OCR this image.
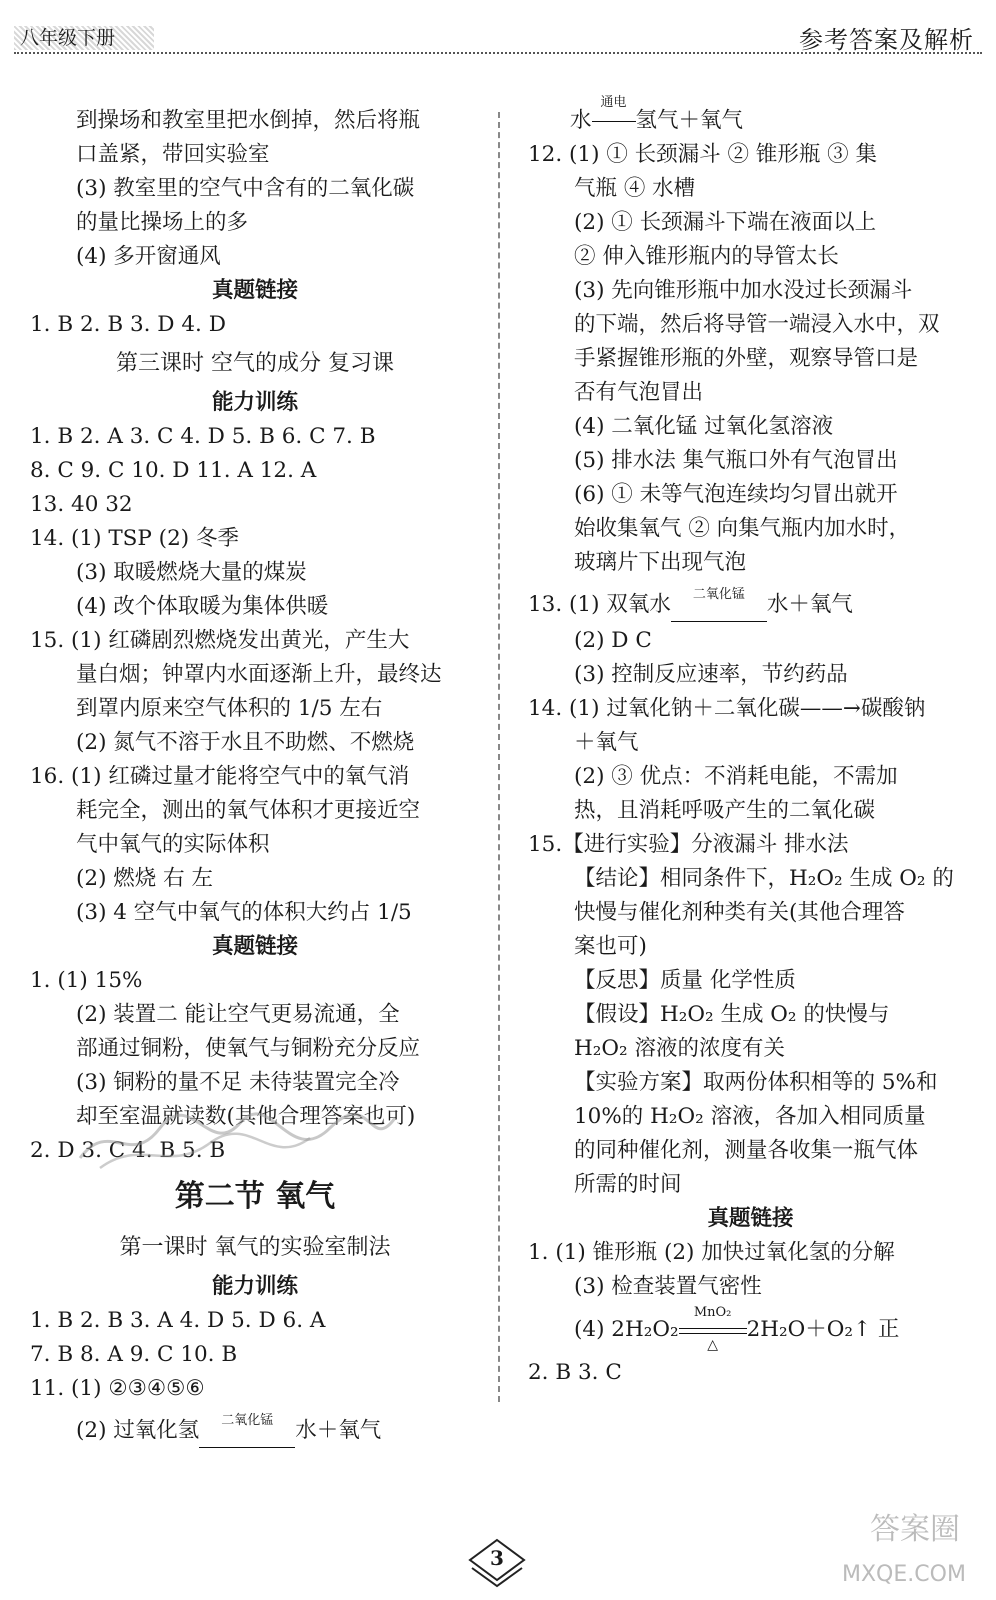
八年级下册	参考答案及解析
到操场和教室里把水倒掉，然后将瓶
口盖紧，带回实验室
(3) 教室里的空气中含有的二氧化碳
的量比操场上的多
(4) 多开窗通风
真题链接
1. B 2. B 3. D 4. D
第三课时 空气的成分 复习课
能力训练
1. B 2. A 3. C 4. D 5. B 6. C 7. B
8. C 9. C 10. D 11. A 12. A
13. 40 32
14. (1) TSP (2) 冬季
(3) 取暖燃烧大量的煤炭
(4) 改个体取暖为集体供暖
15. (1) 红磷剧烈燃烧发出黄光，产生大
量白烟；钟罩内水面逐渐上升，最终达
到罩内原来空气体积的 1/5 左右
(2) 氮气不溶于水且不助燃、不燃烧
16. (1) 红磷过量才能将空气中的氧气消
耗完全，测出的氧气体积才更接近空
气中氧气的实际体积
(2) 燃烧 右 左
(3) 4 空气中氧气的体积大约占 1/5
真题链接
1. (1) 15%
(2) 装置二 能让空气更易流通，全
部通过铜粉，使氧气与铜粉充分反应
(3) 铜粉的量不足 未待装置完全冷
却至室温就读数(其他合理答案也可)
2. D 3. C 4. B 5. B
第二节 氧气
第一课时 氧气的实验室制法
能力训练
1. B 2. B 3. A 4. D 5. D 6. A
7. B 8. A 9. C 10. B
11. (1) ②③④⑤⑥
(2) 过氧化氢	二氧化锰	水＋氧气
水
通电
氢气＋氧气
12. (1) ① 长颈漏斗 ② 锥形瓶 ③ 集
气瓶 ④ 水槽
(2) ① 长颈漏斗下端在液面以上
② 伸入锥形瓶内的导管太长
(3) 先向锥形瓶中加水没过长颈漏斗
的下端，然后将导管一端浸入水中，双
手紧握锥形瓶的外壁，观察导管口是
否有气泡冒出
(4) 二氧化锰 过氧化氢溶液
(5) 排水法 集气瓶口外有气泡冒出
(6) ① 未等气泡连续均匀冒出就开
始收集氧气 ② 向集气瓶内加水时，
玻璃片下出现气泡
13. (1) 双氧水	二氧化锰	水＋氧气
(2) D C
(3) 控制反应速率，节约药品
14. (1) 过氧化钠＋二氧化碳——→碳酸钠
＋氧气
(2) ③ 优点：不消耗电能，不需加
热，且消耗呼吸产生的二氧化碳
15.【进行实验】分液漏斗 排水法
【结论】相同条件下，H₂O₂ 生成 O₂ 的
快慢与催化剂种类有关(其他合理答
案也可)
【反思】质量 化学性质
【假设】H₂O₂ 生成 O₂ 的快慢与
H₂O₂ 溶液的浓度有关
【实验方案】取两份体积相等的 5%和
10%的 H₂O₂ 溶液，各加入相同质量
的同种催化剂，测量各收集一瓶气体
所需的时间
真题链接
1. (1) 锥形瓶 (2) 加快过氧化氢的分解
(3) 检查装置气密性
(4) 2H₂O₂
MnO₂
△
2H₂O＋O₂↑ 正
2. B 3. C
3
答案圈
MXQE.COM
